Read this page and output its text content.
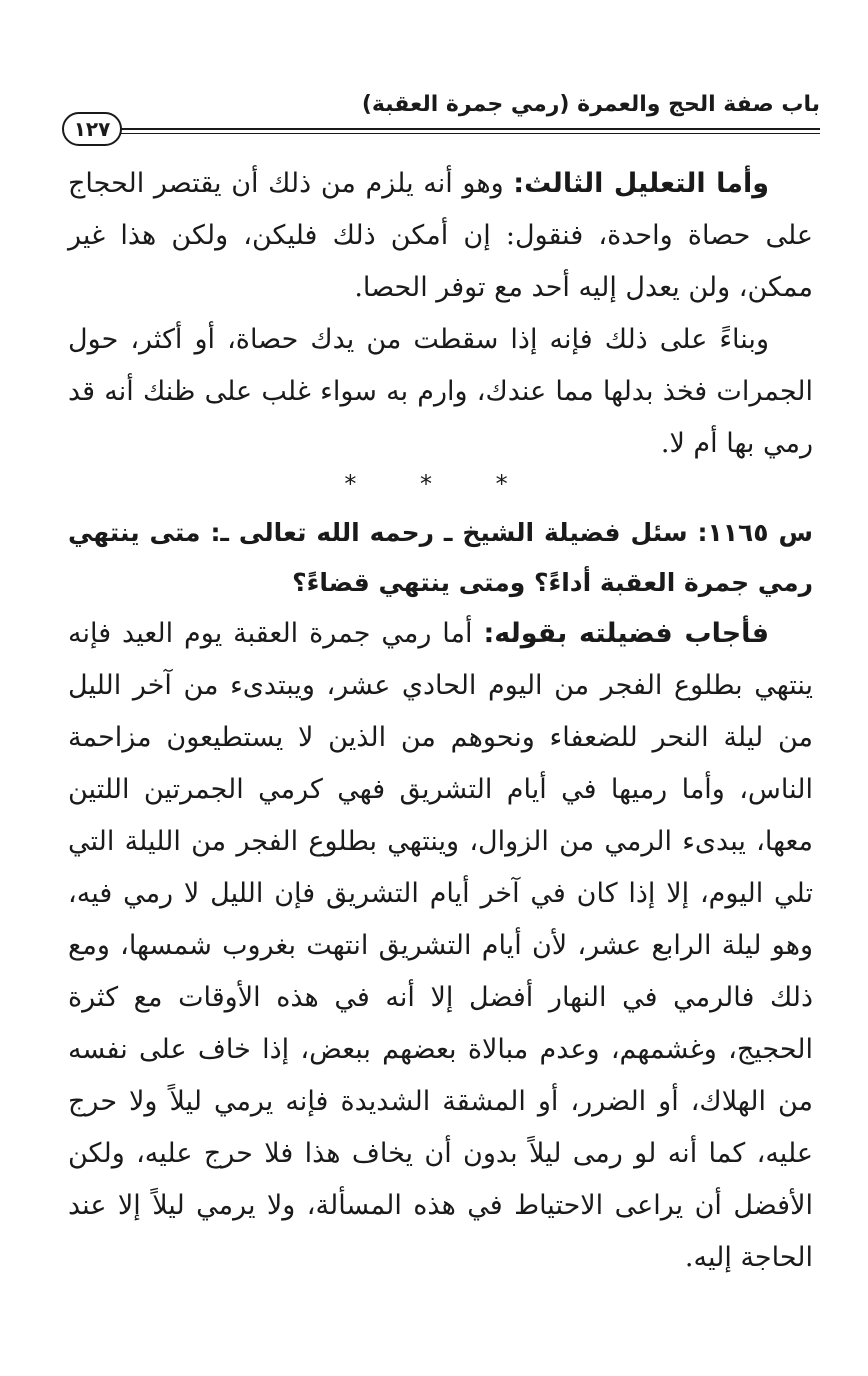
باب صفة الحج والعمرة (رمي جمرة العقبة)
١٢٧

وأما التعليل الثالث: وهو أنه يلزم من ذلك أن يقتصر الحجاج على حصاة واحدة، فنقول: إن أمكن ذلك فليكن، ولكن هذا غير ممكن، ولن يعدل إليه أحد مع توفر الحصا.

وبناءً على ذلك فإنه إذا سقطت من يدك حصاة، أو أكثر، حول الجمرات فخذ بدلها مما عندك، وارم به سواء غلب على ظنك أنه قد رمي بها أم لا.

* * *

س ١١٦٥: سئل فضيلة الشيخ ـ رحمه الله تعالى ـ: متى ينتهي رمي جمرة العقبة أداءً؟ ومتى ينتهي قضاءً؟

فأجاب فضيلته بقوله: أما رمي جمرة العقبة يوم العيد فإنه ينتهي بطلوع الفجر من اليوم الحادي عشر، ويبتدىء من آخر الليل من ليلة النحر للضعفاء ونحوهم من الذين لا يستطيعون مزاحمة الناس، وأما رميها في أيام التشريق فهي كرمي الجمرتين اللتين معها، يبدىء الرمي من الزوال، وينتهي بطلوع الفجر من الليلة التي تلي اليوم، إلا إذا كان في آخر أيام التشريق فإن الليل لا رمي فيه، وهو ليلة الرابع عشر، لأن أيام التشريق انتهت بغروب شمسها، ومع ذلك فالرمي في النهار أفضل إلا أنه في هذه الأوقات مع كثرة الحجيج، وغشمهم، وعدم مبالاة بعضهم ببعض، إذا خاف على نفسه من الهلاك، أو الضرر، أو المشقة الشديدة فإنه يرمي ليلاً ولا حرج عليه، كما أنه لو رمى ليلاً بدون أن يخاف هذا فلا حرج عليه، ولكن الأفضل أن يراعى الاحتياط في هذه المسألة، ولا يرمي ليلاً إلا عند الحاجة إليه.
